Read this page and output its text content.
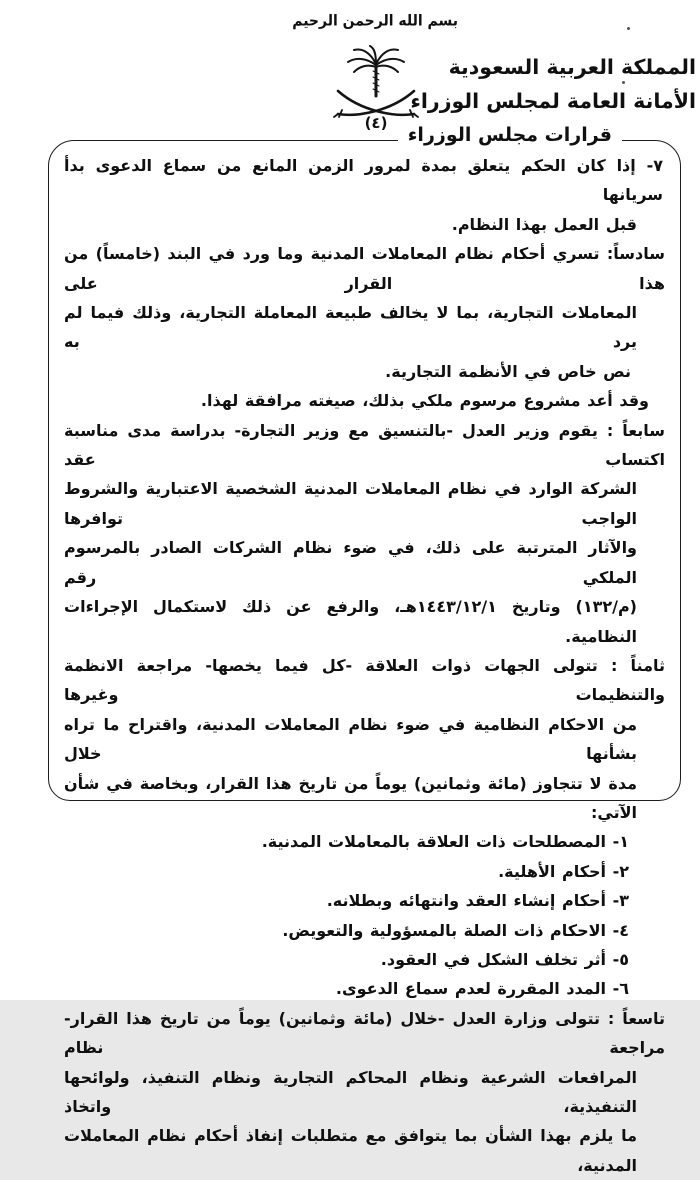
بسم الله الرحمن الرحيم
المملكة العربية السعودية
الأمانة العامة لمجلس الوزراء
(٤)
قرارات مجلس الوزراء
٧- إذا كان الحكم يتعلق بمدة لمرور الزمن المانع من سماع الدعوى بدأ سريانها
قبل العمل بهذا النظام.
سادساً: تسري أحكام نظام المعاملات المدنية وما ورد في البند (خامساً) من هذا القرار على
المعاملات التجارية، بما لا يخالف طبيعة المعاملة التجارية، وذلك فيما لم يرد به
نص خاص في الأنظمة التجارية.
وقد أعد مشروع مرسوم ملكي بذلك، صيغته مرافقة لهذا.
سابعاً : يقوم وزير العدل -بالتنسيق مع وزير التجارة- بدراسة مدى مناسبة اكتساب عقد
الشركة الوارد في نظام المعاملات المدنية الشخصية الاعتبارية والشروط الواجب توافرها
والآثار المترتبة على ذلك، في ضوء نظام الشركات الصادر بالمرسوم الملكي رقم
(م/١٣٢) وتاريخ ١٤٤٣/١٢/١هـ، والرفع عن ذلك لاستكمال الإجراءات النظامية.
ثامناً : تتولى الجهات ذوات العلاقة -كل فيما يخصها- مراجعة الانظمة والتنظيمات وغيرها
من الاحكام النظامية في ضوء نظام المعاملات المدنية، واقتراح ما تراه بشأنها خلال
مدة لا تتجاوز (مائة وثمانين) يوماً من تاريخ هذا القرار، وبخاصة في شأن الآتي:
١- المصطلحات ذات العلاقة بالمعاملات المدنية.
٢- أحكام الأهلية.
٣- أحكام إنشاء العقد وانتهائه وبطلانه.
٤- الاحكام ذات الصلة بالمسؤولية والتعويض.
٥- أثر تخلف الشكل في العقود.
٦- المدد المقررة لعدم سماع الدعوى.
تاسعاً : تتولى وزارة العدل -خلال (مائة وثمانين) يوماً من تاريخ هذا القرار- مراجعة نظام
المرافعات الشرعية ونظام المحاكم التجارية ونظام التنفيذ، ولوائحها التنفيذية، واتخاذ
ما يلزم بهذا الشأن بما يتوافق مع متطلبات إنفاذ أحكام نظام المعاملات المدنية،
